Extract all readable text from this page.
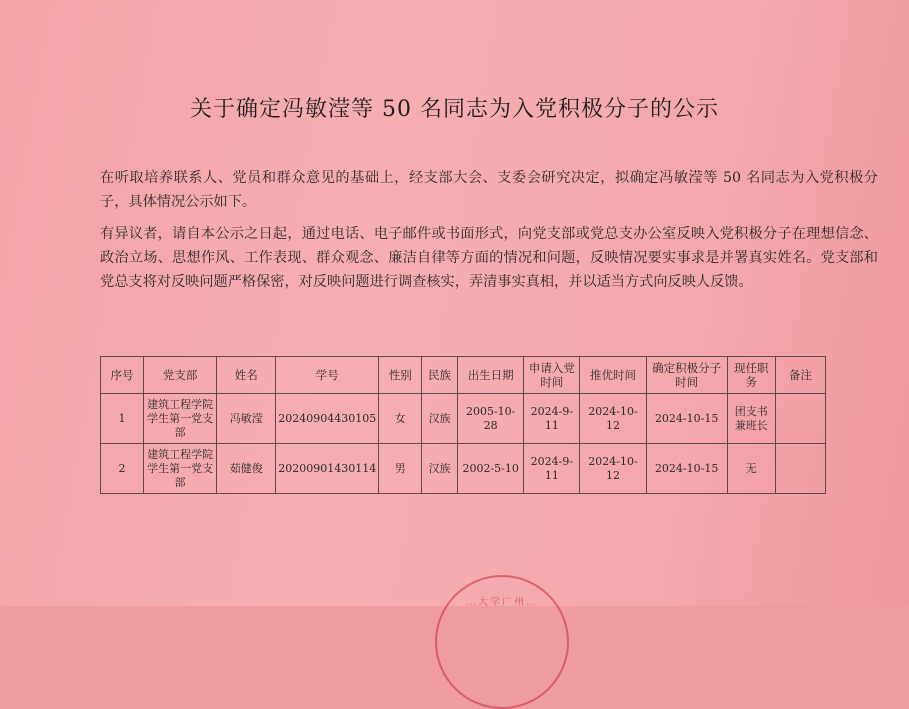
关于确定冯敏滢等 50 名同志为入党积极分子的公示
在听取培养联系人、党员和群众意见的基础上，经支部大会、支委会研究决定，拟确定冯敏滢等 50 名同志为入党积极分子，具体情况公示如下。
有异议者，请自本公示之日起，通过电话、电子邮件或书面形式，向党支部或党总支办公室反映入党积极分子在理想信念、政治立场、思想作风、工作表现、群众观念、廉洁自律等方面的情况和问题，反映情况要实事求是并署真实姓名。党支部和党总支将对反映问题严格保密，对反映问题进行调查核实，弄清事实真相，并以适当方式向反映人反馈。
序号	党支部	姓名	学号	性别	民族	出生日期	申请入党时间	推优时间	确定积极分子时间	现任职务	备注
1	建筑工程学院学生第一党支部	冯敏滢	20240904430105	女	汉族	2005-10-28	2024-9-11	2024-10-12	2024-10-15	团支书兼班长	
2	建筑工程学院学生第一党支部	茹健俊	20200901430114	男	汉族	2002-5-10	2024-9-11	2024-10-12	2024-10-15	无	
…大学广州…
